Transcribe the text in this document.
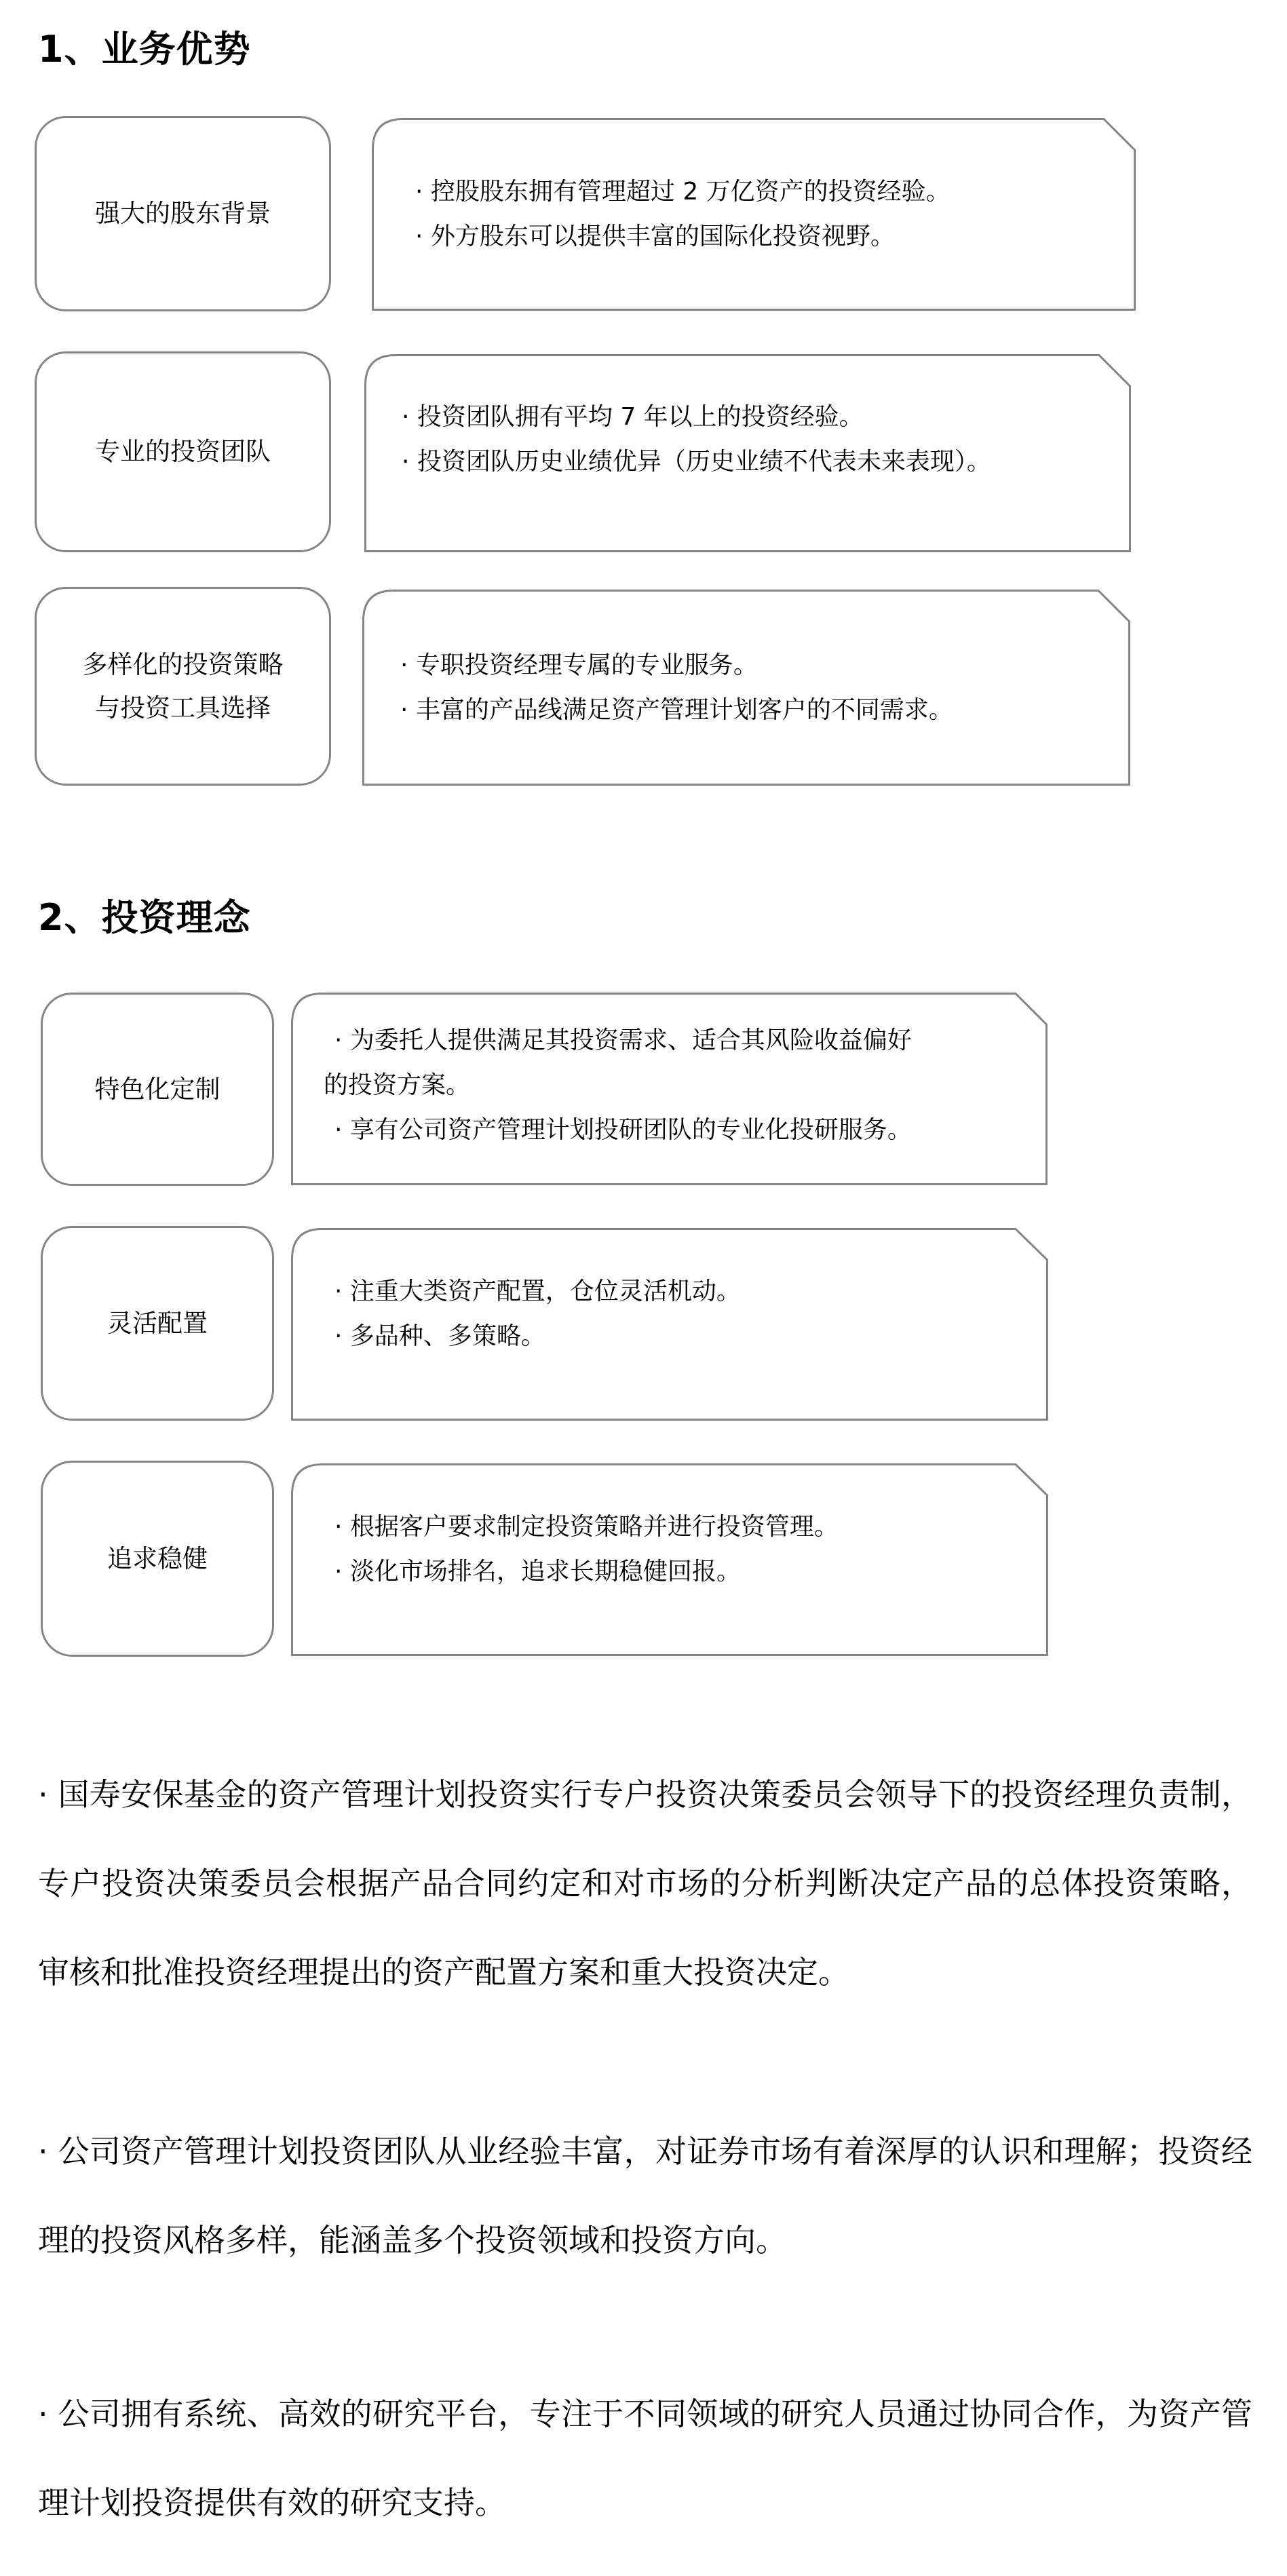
1、业务优势
强大的股东背景
· 控股股东拥有管理超过 2 万亿资产的投资经验。
· 外方股东可以提供丰富的国际化投资视野。
专业的投资团队
· 投资团队拥有平均 7 年以上的投资经验。
· 投资团队历史业绩优异（历史业绩不代表未来表现）。
多样化的投资策略
与投资工具选择
· 专职投资经理专属的专业服务。
· 丰富的产品线满足资产管理计划客户的不同需求。
2、投资理念
特色化定制
· 为委托人提供满足其投资需求、适合其风险收益偏好
的投资方案。
· 享有公司资产管理计划投研团队的专业化投研服务。
灵活配置
· 注重大类资产配置，仓位灵活机动。
· 多品种、多策略。
追求稳健
· 根据客户要求制定投资策略并进行投资管理。
· 淡化市场排名，追求长期稳健回报。

· 国寿安保基金的资产管理计划投资实行专户投资决策委员会领导下的投资经理负责制，专户投资决策委员会根据产品合同约定和对市场的分析判断决定产品的总体投资策略，审核和批准投资经理提出的资产配置方案和重大投资决定。

· 公司资产管理计划投资团队从业经验丰富，对证券市场有着深厚的认识和理解；投资经理的投资风格多样，能涵盖多个投资领域和投资方向。

· 公司拥有系统、高效的研究平台，专注于不同领域的研究人员通过协同合作，为资产管理计划投资提供有效的研究支持。
